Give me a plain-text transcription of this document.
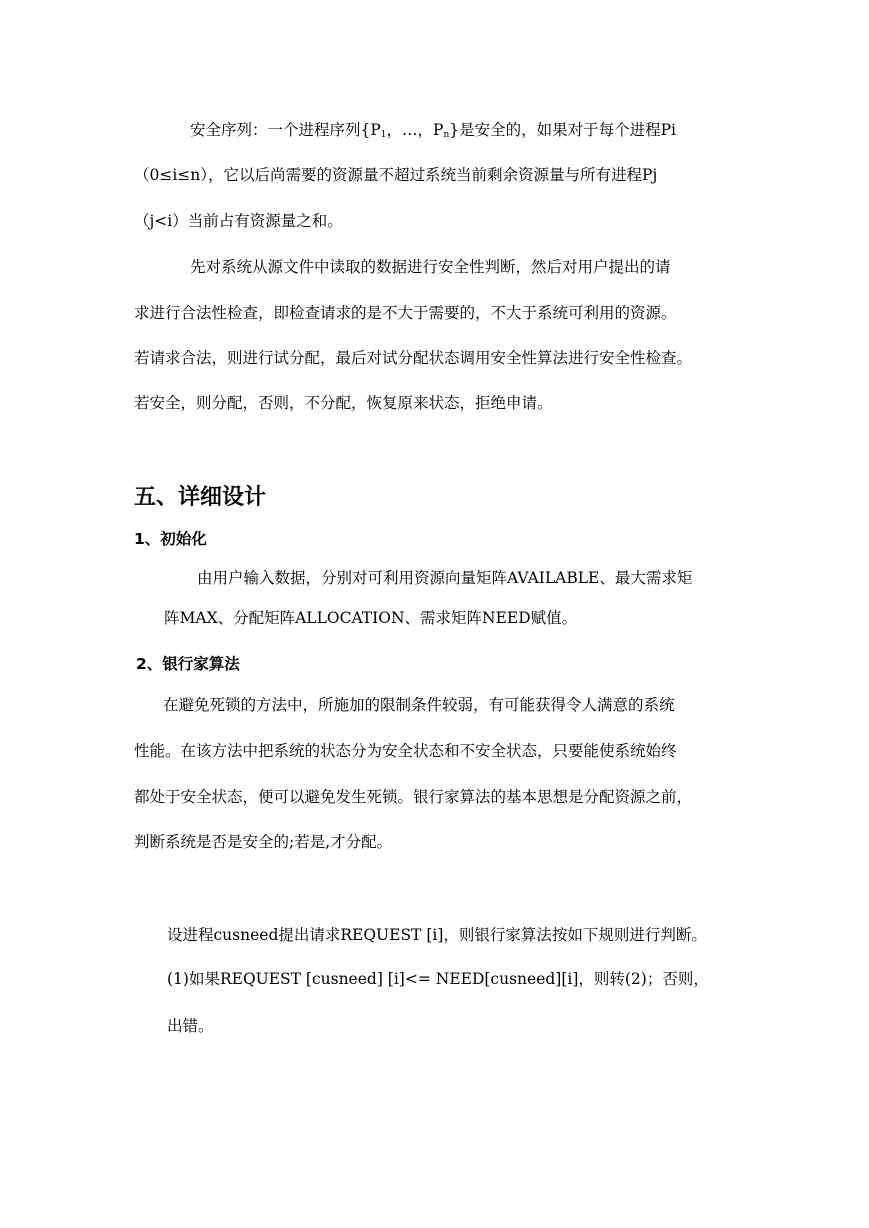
安全序列：一个进程序列{$P_1$，…，$P_n$}是安全的，如果对于每个进程Pi
（0≤i≤n），它以后尚需要的资源量不超过系统当前剩余资源量与所有进程Pj
（j<i）当前占有资源量之和。
先对系统从源文件中读取的数据进行安全性判断，然后对用户提出的请
求进行合法性检查，即检查请求的是不大于需要的，不大于系统可利用的资源。
若请求合法，则进行试分配，最后对试分配状态调用安全性算法进行安全性检查。
若安全，则分配，否则，不分配，恢复原来状态，拒绝申请。
五、详细设计
1、初始化
由用户输入数据，分别对可利用资源向量矩阵AVAILABLE、最大需求矩
阵MAX、分配矩阵ALLOCATION、需求矩阵NEED赋值。
2、银行家算法
在避免死锁的方法中，所施加的限制条件较弱，有可能获得令人满意的系统
性能。在该方法中把系统的状态分为安全状态和不安全状态，只要能使系统始终
都处于安全状态，便可以避免发生死锁。银行家算法的基本思想是分配资源之前，
判断系统是否是安全的;若是,才分配。
设进程cusneed提出请求REQUEST [i]，则银行家算法按如下规则进行判断。
(1)如果REQUEST [cusneed] [i]<= NEED[cusneed][i]，则转(2)；否则，
出错。
